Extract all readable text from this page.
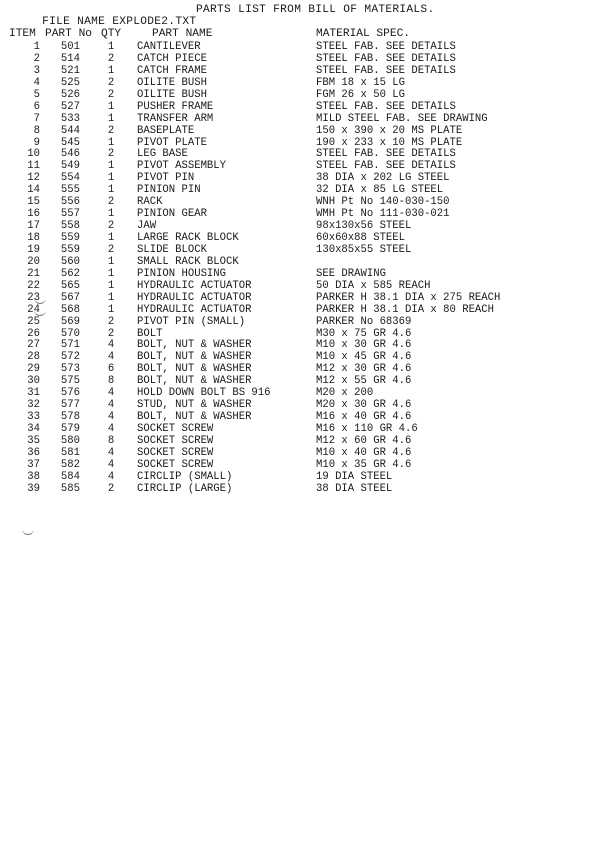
FILE NAME EXPLODE2.TXT

PARTS LIST FROM BILL OF MATERIALS.

ITEM PART No QTY	PART NAME	MATERIAL SPEC.
1	501	1 CANTILEVER	STEEL FAB. SEE DETAILS
2	514	2 CATCH PIECE	STEEL FAB. SEE DETAILS
3	521	1 CATCH FRAME	STEEL FAB. SEE DETAILS
4	525	2 OILITE BUSH	FBM 18 x 15 LG
5	526	2 OILITE BUSH	FGM 26 x 50 LG
6	527	1 PUSHER FRAME	STEEL FAB. SEE DETAILS
7	533	1 TRANSFER ARM	MILD STEEL FAB. SEE DRAWING
8	544	2 BASEPLATE	150 x 390 x 20 MS PLATE
9	545	1 PIVOT PLATE	190 x 233 x 10 MS PLATE
10	546	2 LEG BASE	STEEL FAB. SEE DETAILS
11	549	1 PIVOT ASSEMBLY	STEEL FAB. SEE DETAILS
12	554	1 PIVOT PIN	38 DIA x 202 LG STEEL
14	555	1 PINION PIN	32 DIA x 85 LG STEEL
15	556	2 RACK	WNH Pt No 140-030-150
16	557	1 PINION GEAR	WMH Pt No 111-030-021
17	558	2 JAW	98x130x56 STEEL
18	559	1 LARGE RACK BLOCK	60x60x88 STEEL
19	559	2 SLIDE BLOCK	130x85x55 STEEL
20	560	1 SMALL RACK BLOCK
21	562	1 PINION HOUSING	SEE DRAWING
22	565	1 HYDRAULIC ACTUATOR	50 DIA x 585 REACH
23	567	1 HYDRAULIC ACTUATOR	PARKER H 38.1 DIA x 275 REACH
24	568	1 HYDRAULIC ACTUATOR	PARKER H 38.1 DIA x 80 REACH
25	569	2 PIVOT PIN (SMALL)	PARKER No 68369
26	570	2 BOLT	M30 x 75 GR 4.6
27	571	4 BOLT, NUT & WASHER	M10 x 30 GR 4.6
28	572	4 BOLT, NUT & WASHER	M10 x 45 GR 4.6
29	573	6 BOLT, NUT & WASHER	M12 x 30 GR 4.6
30	575	8 BOLT, NUT & WASHER	M12 x 55 GR 4.6
31	576	4 HOLD DOWN BOLT BS 916	M20 x 200
32	577	4 STUD, NUT & WASHER	M20 x 30 GR 4.6
33	578	4 BOLT, NUT & WASHER	M16 x 40 GR 4.6
34	579	4 SOCKET SCREW	M16 x 110 GR 4.6
35	580	8 SOCKET SCREW	M12 x 60 GR 4.6
36	581	4 SOCKET SCREW	M10 x 40 GR 4.6
37	582	4 SOCKET SCREW	M10 x 35 GR 4.6
38	584	4 CIRCLIP (SMALL)	19 DIA STEEL
39	585	2 CIRCLIP (LARGE)	38 DIA STEEL
